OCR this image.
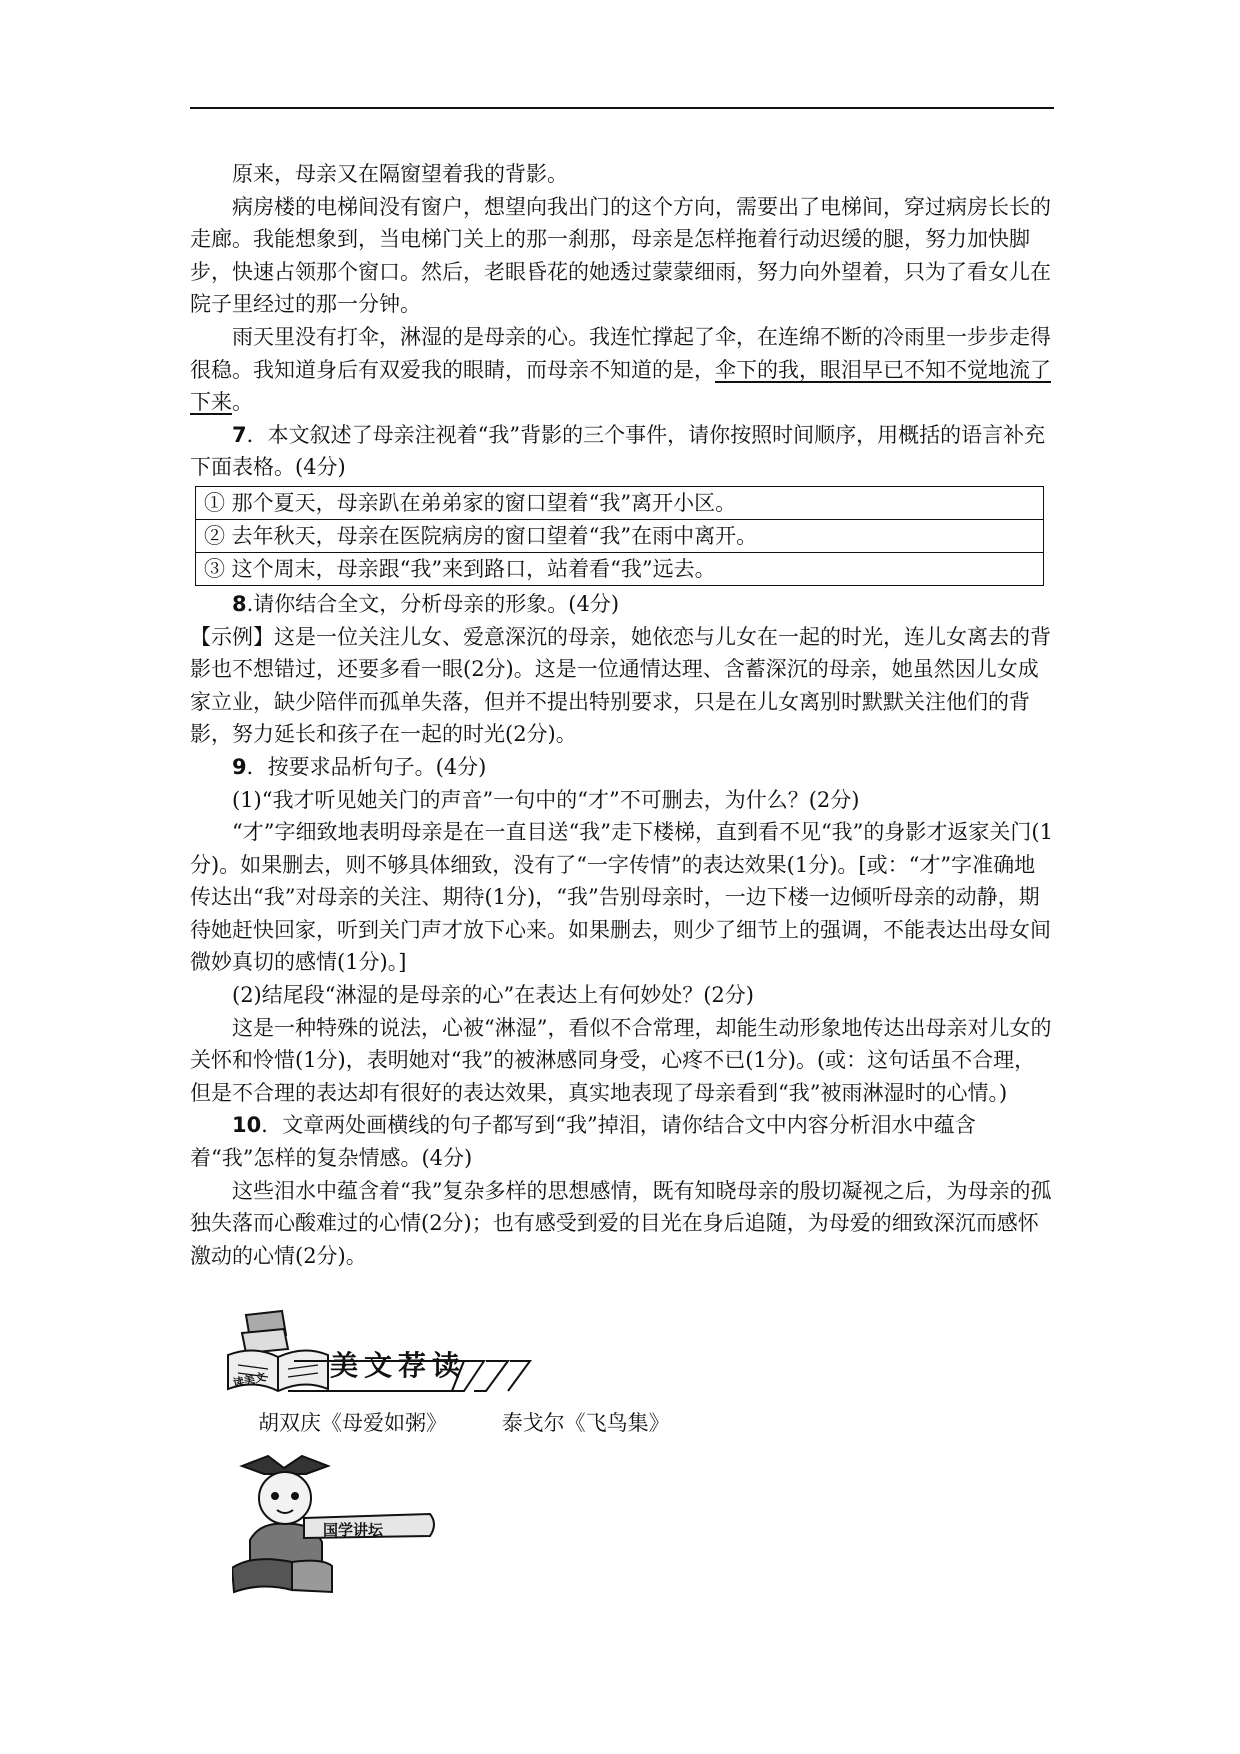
原来，母亲又在隔窗望着我的背影。

病房楼的电梯间没有窗户，想望向我出门的这个方向，需要出了电梯间，穿过病房长长的走廊。我能想象到，当电梯门关上的那一刹那，母亲是怎样拖着行动迟缓的腿，努力加快脚步，快速占领那个窗口。然后，老眼昏花的她透过蒙蒙细雨，努力向外望着，只为了看女儿在院子里经过的那一分钟。

雨天里没有打伞，淋湿的是母亲的心。我连忙撑起了伞，在连绵不断的冷雨里一步步走得很稳。我知道身后有双爱我的眼睛，而母亲不知道的是，伞下的我，眼泪早已不知不觉地流了下来。

7．本文叙述了母亲注视着“我”背影的三个事件，请你按照时间顺序，用概括的语言补充下面表格。(4分)

① 那个夏天，母亲趴在弟弟家的窗口望着“我”离开小区。
② 去年秋天，母亲在医院病房的窗口望着“我”在雨中离开。
③ 这个周末，母亲跟“我”来到路口，站着看“我”远去。

8.请你结合全文，分析母亲的形象。(4分)

【示例】这是一位关注儿女、爱意深沉的母亲，她依恋与儿女在一起的时光，连儿女离去的背影也不想错过，还要多看一眼(2分)。这是一位通情达理、含蓄深沉的母亲，她虽然因儿女成家立业，缺少陪伴而孤单失落，但并不提出特别要求，只是在儿女离别时默默关注他们的背影，努力延长和孩子在一起的时光(2分)。

9．按要求品析句子。(4分)

(1)“我才听见她关门的声音”一句中的“才”不可删去，为什么？(2分)

“才”字细致地表明母亲是在一直目送“我”走下楼梯，直到看不见“我”的身影才返家关门(1分)。如果删去，则不够具体细致，没有了“一字传情”的表达效果(1分)。[或：“才”字准确地传达出“我”对母亲的关注、期待(1分)，“我”告别母亲时，一边下楼一边倾听母亲的动静，期待她赶快回家，听到关门声才放下心来。如果删去，则少了细节上的强调，不能表达出母女间微妙真切的感情(1分)。]

(2)结尾段“淋湿的是母亲的心”在表达上有何妙处？(2分)

这是一种特殊的说法，心被“淋湿”，看似不合常理，却能生动形象地传达出母亲对儿女的关怀和怜惜(1分)，表明她对“我”的被淋感同身受，心疼不已(1分)。(或：这句话虽不合理，但是不合理的表达却有很好的表达效果，真实地表现了母亲看到“我”被雨淋湿时的心情。)

10．文章两处画横线的句子都写到“我”掉泪，请你结合文中内容分析泪水中蕴含着“我”怎样的复杂情感。(4分)

这些泪水中蕴含着“我”复杂多样的思想感情，既有知晓母亲的殷切凝视之后，为母亲的孤独失落而心酸难过的心情(2分)；也有感受到爱的目光在身后追随，为母爱的细致深沉而感怀激动的心情(2分)。

读美文 美文荐读
胡双庆《母爱如粥》	泰戈尔《飞鸟集》
国学讲坛
